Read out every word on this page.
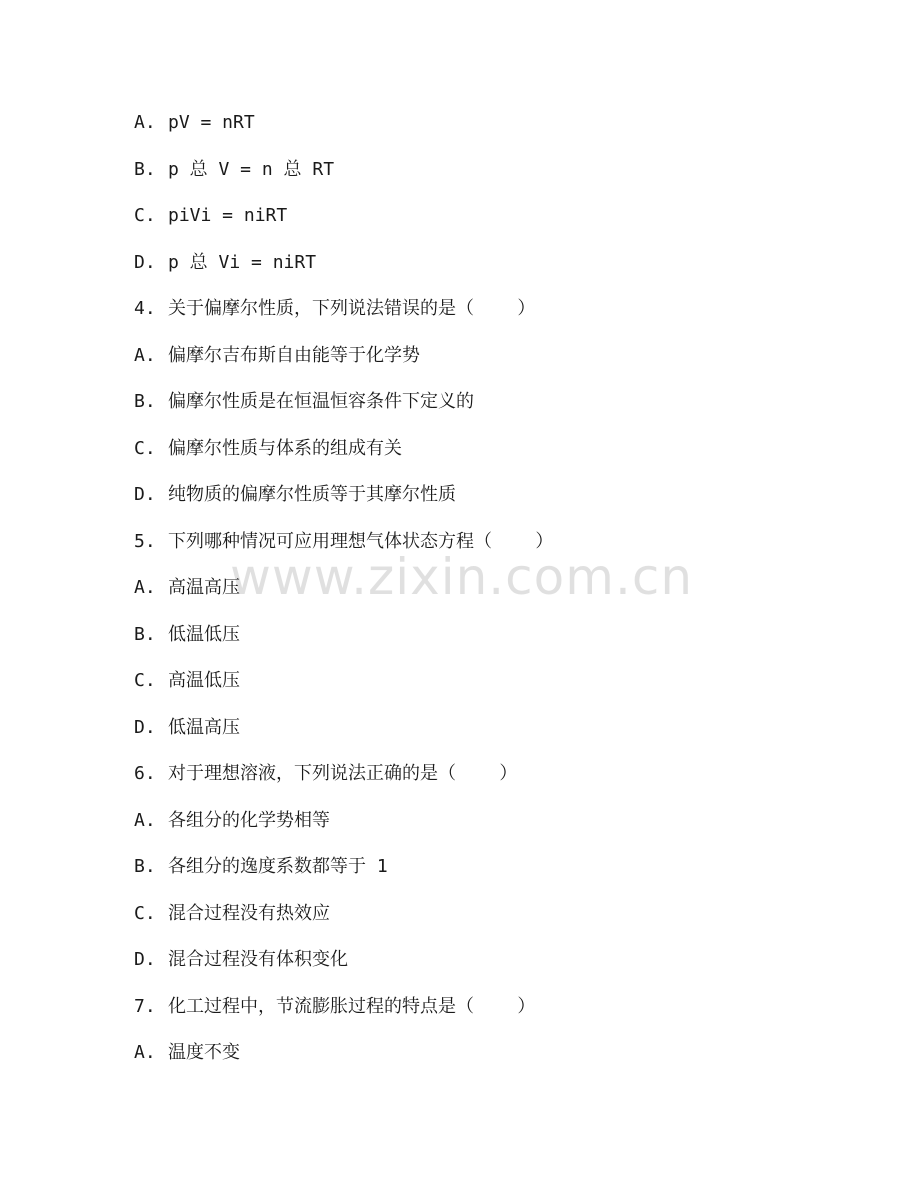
A. pV = nRT
B. p 总 V = n 总 RT
C. piVi = niRT
D. p 总 Vi = niRT
4. 关于偏摩尔性质，下列说法错误的是（    ）
A. 偏摩尔吉布斯自由能等于化学势
B. 偏摩尔性质是在恒温恒容条件下定义的
C. 偏摩尔性质与体系的组成有关
D. 纯物质的偏摩尔性质等于其摩尔性质
5. 下列哪种情况可应用理想气体状态方程（    ）
A. 高温高压
B. 低温低压
C. 高温低压
D. 低温高压
6. 对于理想溶液，下列说法正确的是（    ）
A. 各组分的化学势相等
B. 各组分的逸度系数都等于 1
C. 混合过程没有热效应
D. 混合过程没有体积变化
7. 化工过程中，节流膨胀过程的特点是（    ）
A. 温度不变
www.zixin.com.cn
